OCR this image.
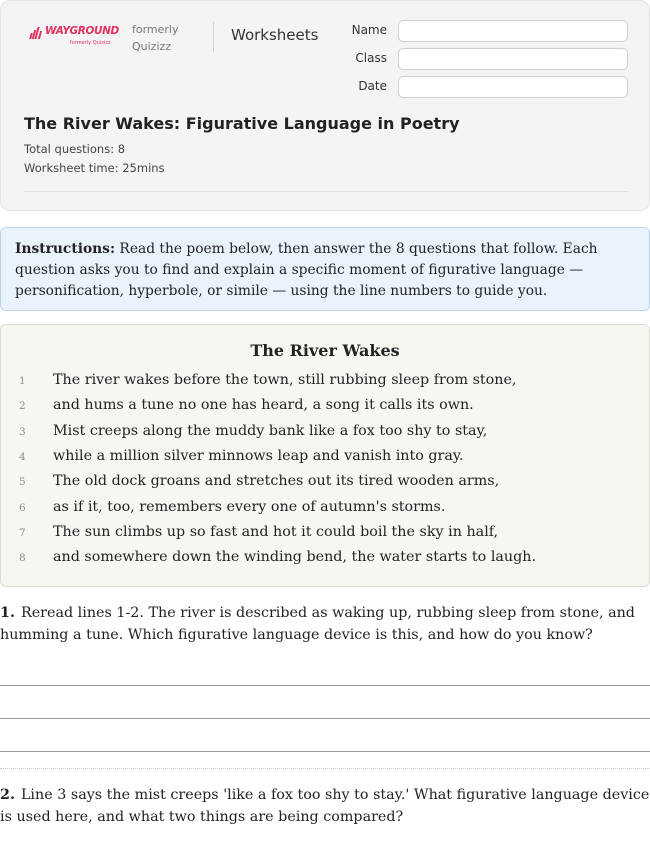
WAYGROUND
formerly Quizizz
formerly
Quizizz
Worksheets	Name
Class
Date
The River Wakes: Figurative Language in Poetry
Total questions: 8
Worksheet time: 25mins
Instructions: Read the poem below, then answer the 8 questions that follow. Each question asks you to find and explain a specific moment of figurative language — personification, hyperbole, or simile — using the line numbers to guide you.
The River Wakes
1	The river wakes before the town, still rubbing sleep from stone,
2	and hums a tune no one has heard, a song it calls its own.
3	Mist creeps along the muddy bank like a fox too shy to stay,
4	while a million silver minnows leap and vanish into gray.
5	The old dock groans and stretches out its tired wooden arms,
6	as if it, too, remembers every one of autumn's storms.
7	The sun climbs up so fast and hot it could boil the sky in half,
8	and somewhere down the winding bend, the water starts to laugh.
1. Reread lines 1-2. The river is described as waking up, rubbing sleep from stone, and humming a tune. Which figurative language device is this, and how do you know?
2. Line 3 says the mist creeps 'like a fox too shy to stay.' What figurative language device is used here, and what two things are being compared?
